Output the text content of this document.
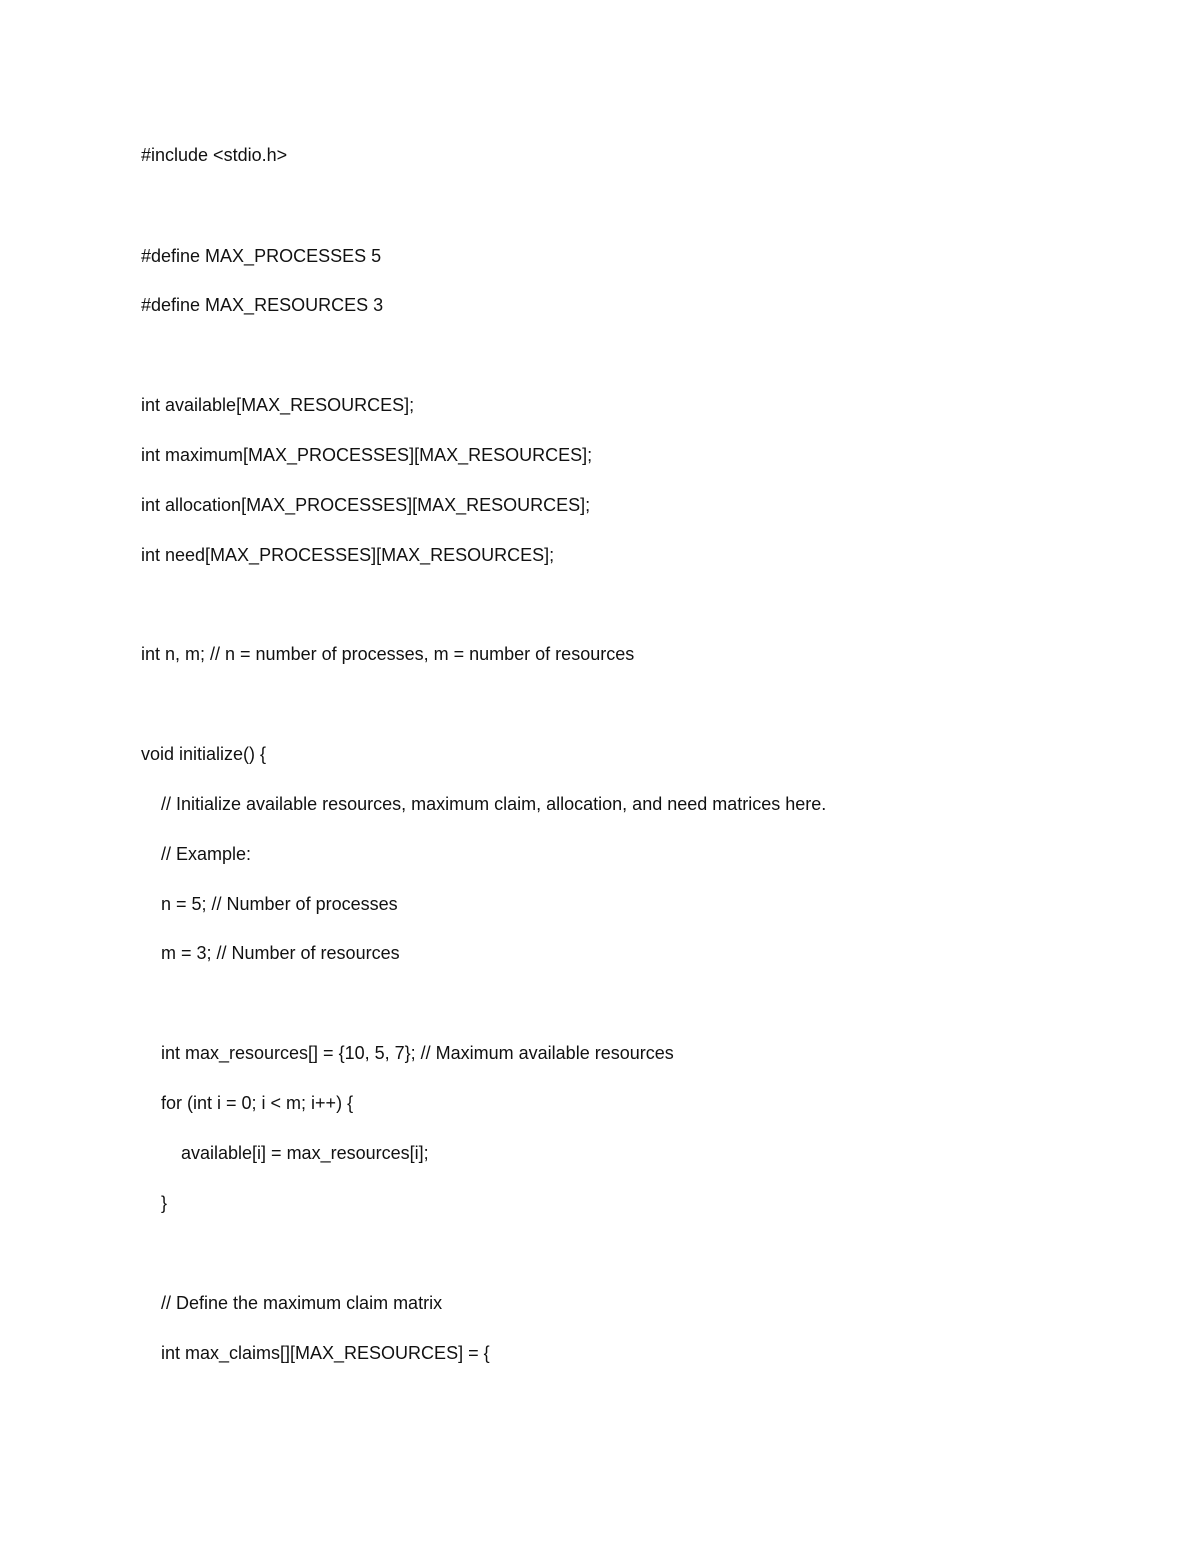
#include <stdio.h>
#define MAX_PROCESSES 5
#define MAX_RESOURCES 3
int available[MAX_RESOURCES];
int maximum[MAX_PROCESSES][MAX_RESOURCES];
int allocation[MAX_PROCESSES][MAX_RESOURCES];
int need[MAX_PROCESSES][MAX_RESOURCES];
int n, m; // n = number of processes, m = number of resources
void initialize() {
// Initialize available resources, maximum claim, allocation, and need matrices here.
// Example:
n = 5; // Number of processes
m = 3; // Number of resources
int max_resources[] = {10, 5, 7}; // Maximum available resources
for (int i = 0; i < m; i++) {
available[i] = max_resources[i];
}
// Define the maximum claim matrix
int max_claims[][MAX_RESOURCES] = {
